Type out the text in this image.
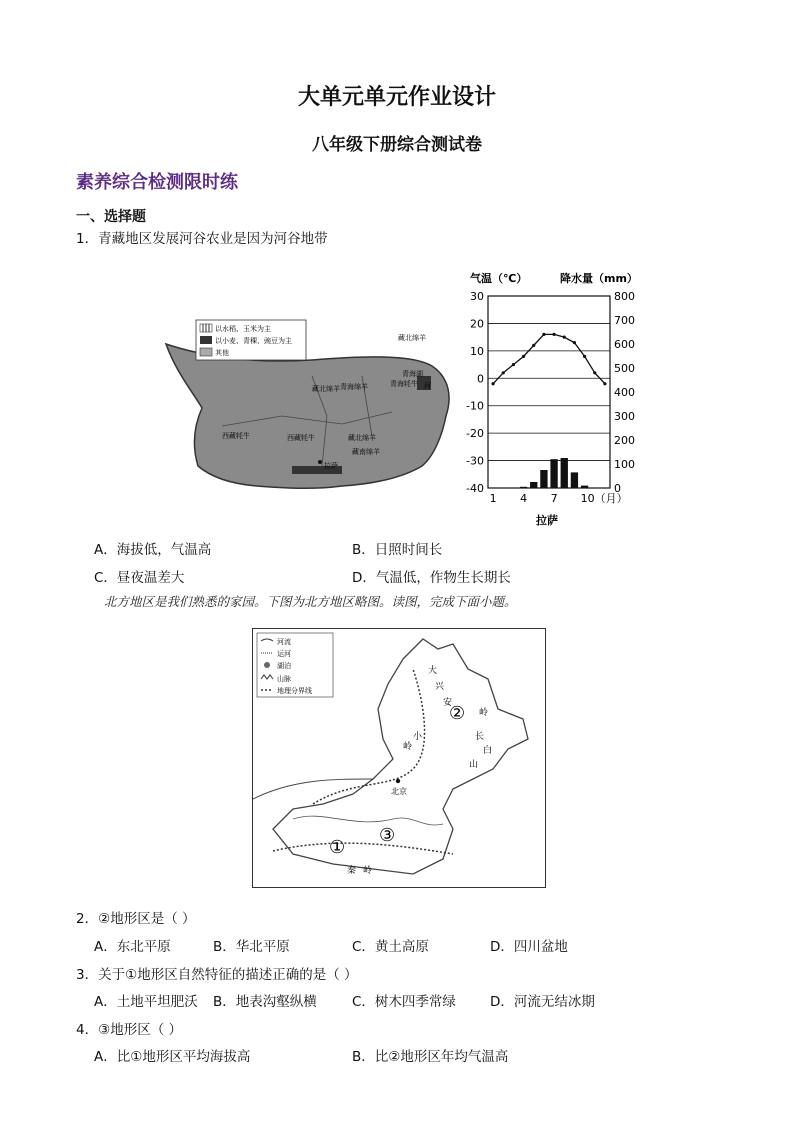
大单元单元作业设计
八年级下册综合测试卷
素养综合检测限时练
一、选择题
1．青藏地区发展河谷农业是因为河谷地带
以水稻、玉米为主
以小麦、青稞、豌豆为主
其他
藏北绵羊
青海湖
河
青海绵羊	青海牦牛
藏北绵羊
西藏牦牛	西藏牦牛
藏南绵羊
拉萨
藏北绵羊
气温（℃）	降水量（mm）
30
20
10
0
-10
-20
-30
-40
800
700
600
500
400
300
200
100
0
1 4 7 10（月）
拉萨
A．海拔低，气温高	B．日照时间长
C．昼夜温差大	D．气温低，作物生长期长
北方地区是我们熟悉的家园。下图为北方地区略图。读图，完成下面小题。
河流
运河
湖泊
山脉
地理分界线
大
兴
安
岭
小	长
白
山
岭
北京
秦 岭
①
②
③
2．②地形区是（ ）
A．东北平原	B．华北平原	C．黄土高原	D．四川盆地
3．关于①地形区自然特征的描述正确的是（ ）
A．土地平坦肥沃 B．地表沟壑纵横	C．树木四季常绿	D．河流无结冰期
4．③地形区（ ）
A．比①地形区平均海拔高	B．比②地形区年均气温高
